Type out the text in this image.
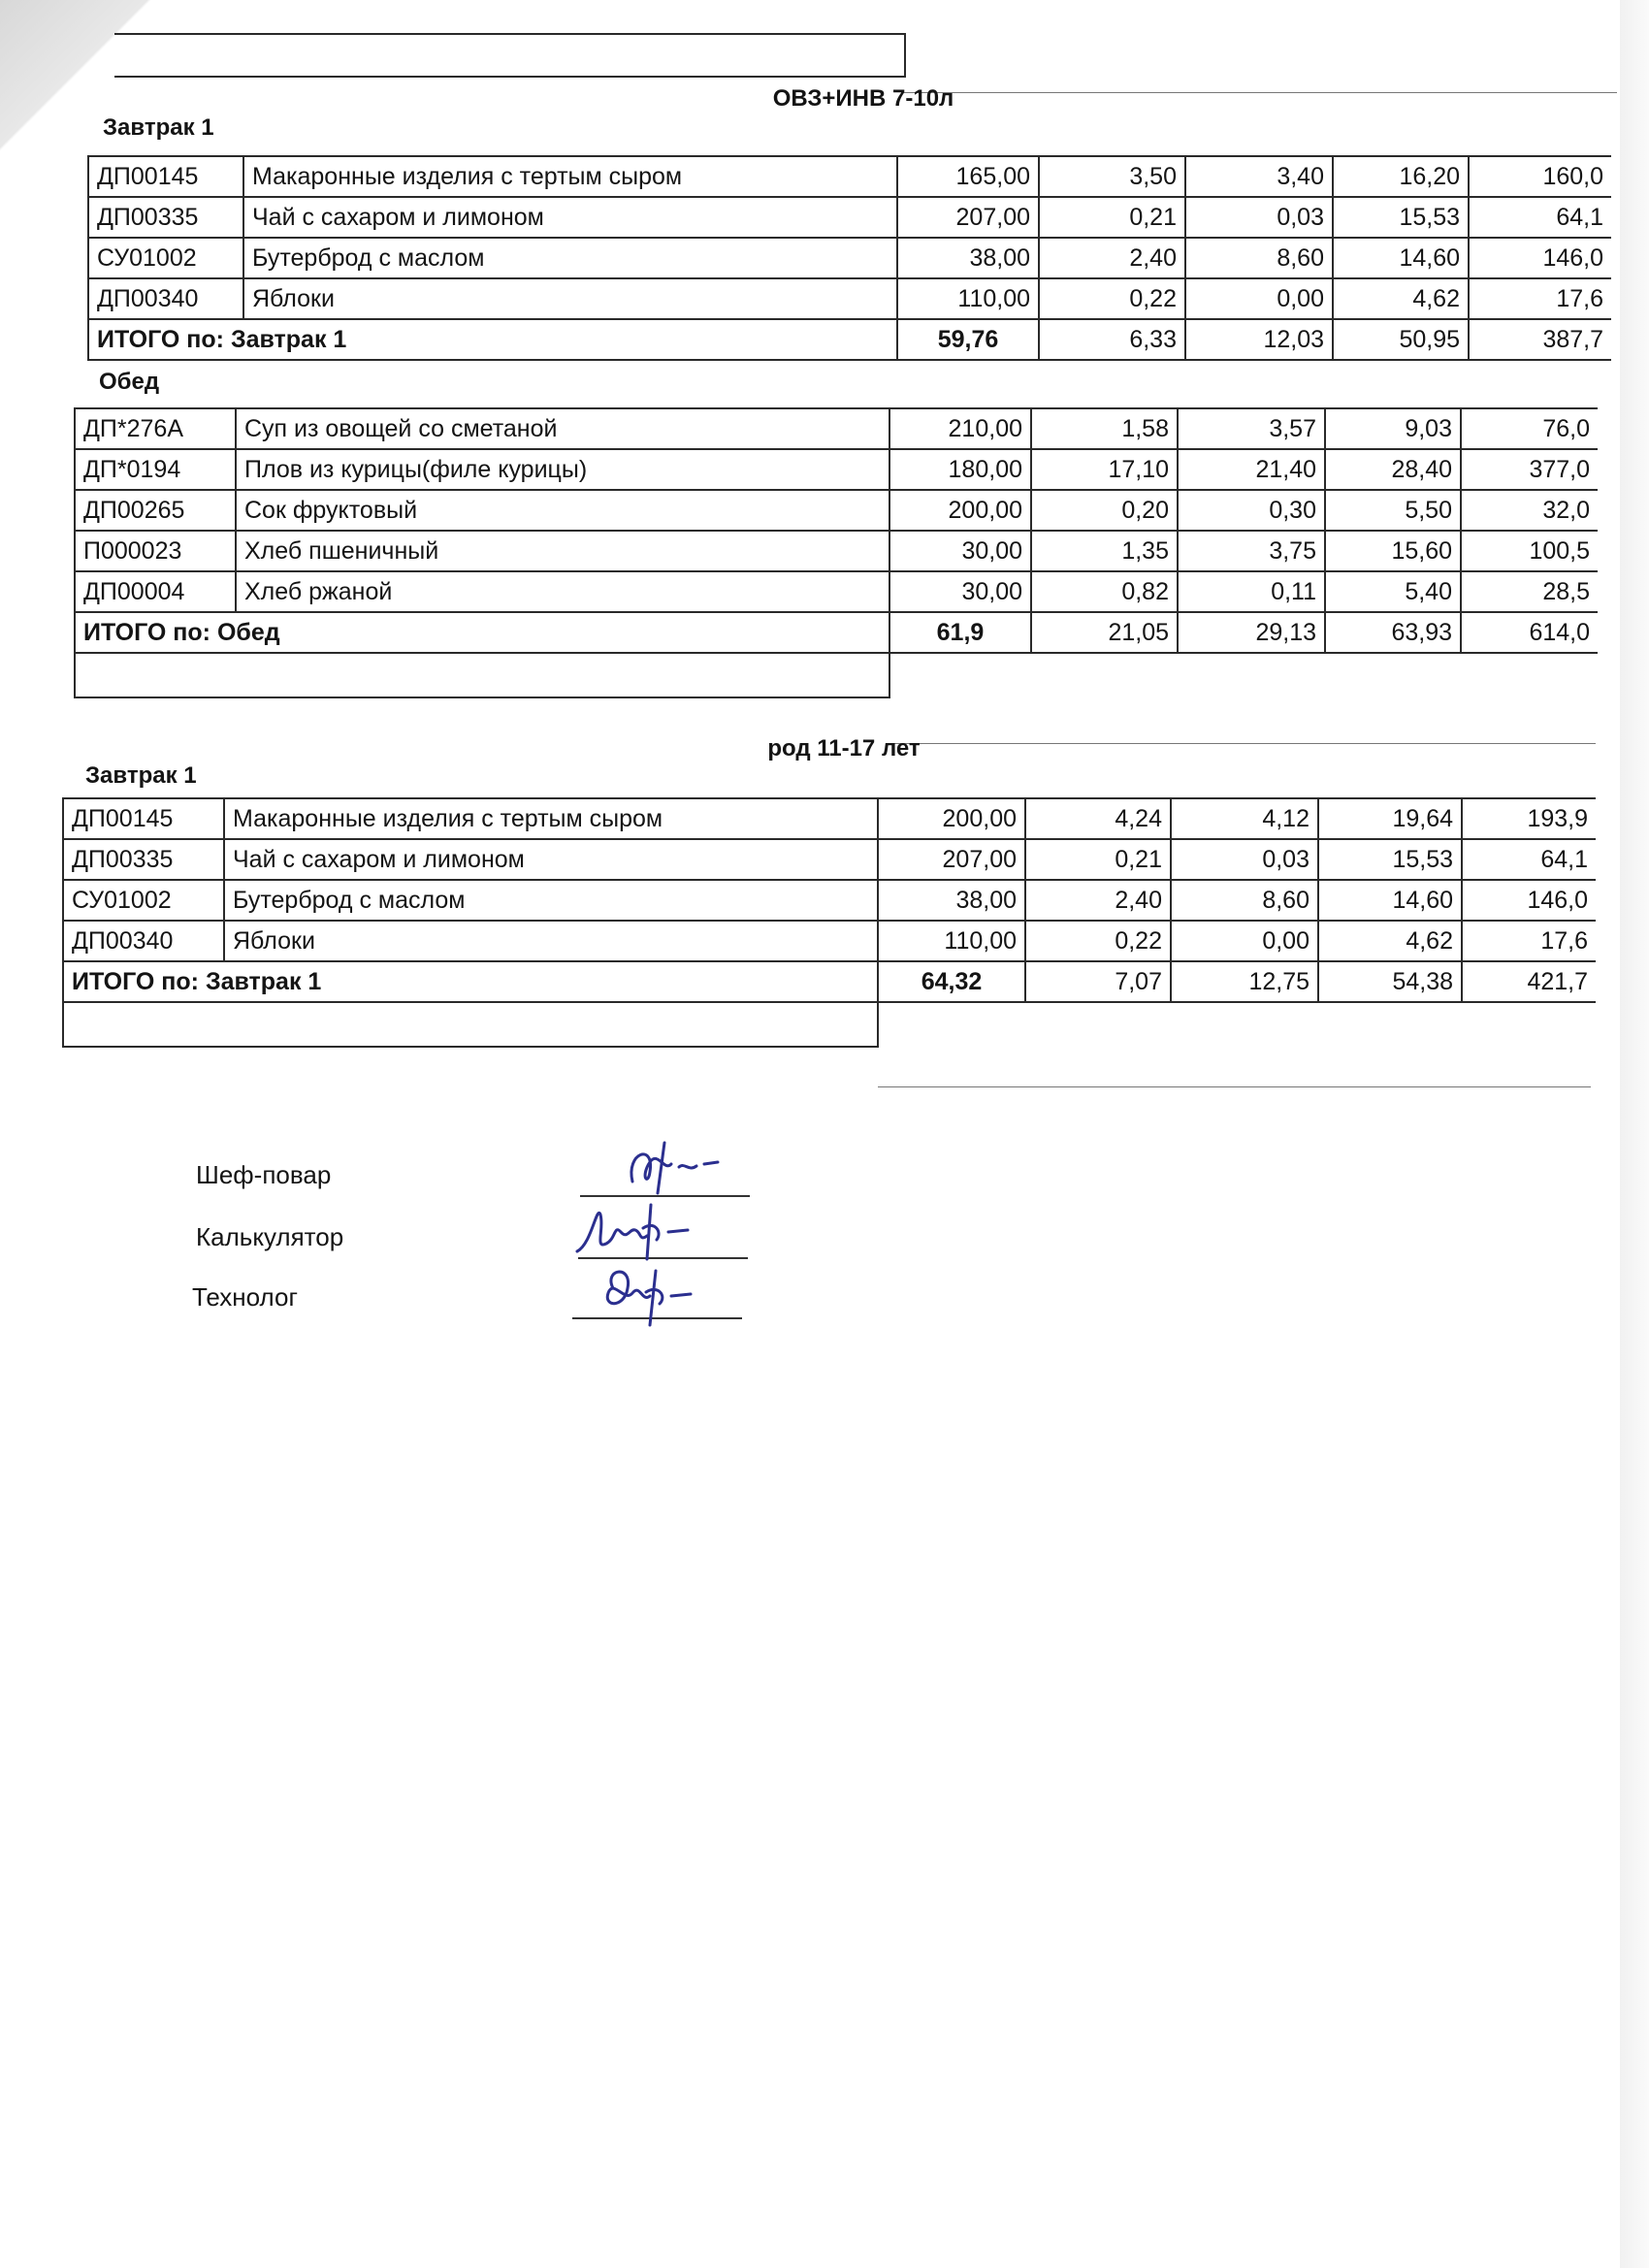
ОВЗ+ИНВ 7-10л
Завтрак 1
ДП00145	Макаронные изделия с тертым сыром	165,00	3,50	3,40	16,20	160,0
ДП00335	Чай с сахаром и лимоном	207,00	0,21	0,03	15,53	64,1
СУ01002	Бутерброд с маслом	38,00	2,40	8,60	14,60	146,0
ДП00340	Яблоки	110,00	0,22	0,00	4,62	17,6
ИТОГО по: Завтрак 1		59,76	6,33	12,03	50,95	387,7
Обед
ДП*276А	Суп из овощей со сметаной	210,00	1,58	3,57	9,03	76,0
ДП*0194	Плов из курицы(филе курицы)	180,00	17,10	21,40	28,40	377,0
ДП00265	Сок фруктовый	200,00	0,20	0,30	5,50	32,0
П000023	Хлеб пшеничный	30,00	1,35	3,75	15,60	100,5
ДП00004	Хлеб ржаной	30,00	0,82	0,11	5,40	28,5
ИТОГО по: Обед		61,9	21,05	29,13	63,93	614,0

род 11-17 лет
Завтрак 1
ДП00145	Макаронные изделия с тертым сыром	200,00	4,24	4,12	19,64	193,9
ДП00335	Чай с сахаром и лимоном	207,00	0,21	0,03	15,53	64,1
СУ01002	Бутерброд с маслом	38,00	2,40	8,60	14,60	146,0
ДП00340	Яблоки	110,00	0,22	0,00	4,62	17,6
ИТОГО по: Завтрак 1		64,32	7,07	12,75	54,38	421,7

Шеф-повар
Калькулятор
Технолог
